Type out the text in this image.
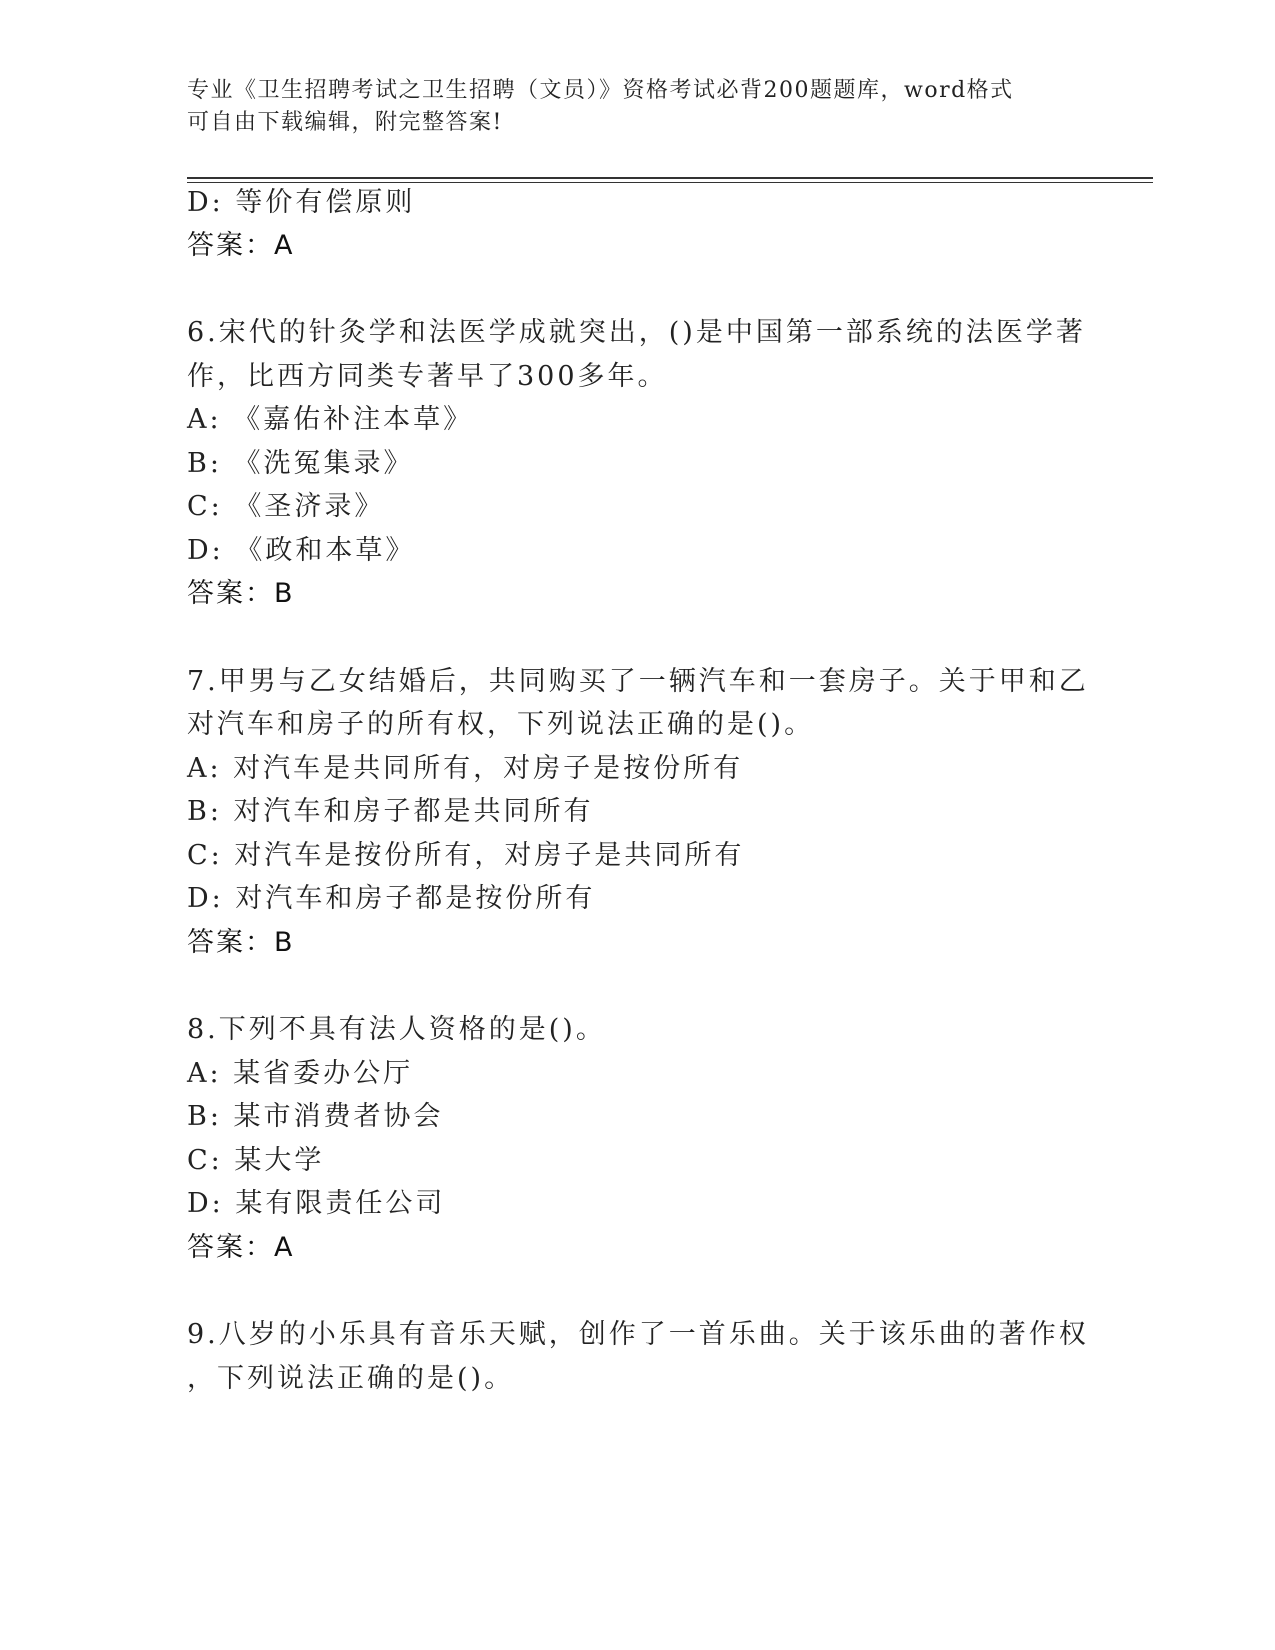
专业《卫生招聘考试之卫生招聘（文员）》资格考试必背200题题库，word格式
可自由下载编辑，附完整答案!
D: 等价有偿原则
答案：A
6.宋代的针灸学和法医学成就突出，()是中国第一部系统的法医学著
作，比西方同类专著早了300多年。
A: 《嘉佑补注本草》
B: 《洗冤集录》
C: 《圣济录》
D: 《政和本草》
答案：B
7.甲男与乙女结婚后，共同购买了一辆汽车和一套房子。关于甲和乙
对汽车和房子的所有权，下列说法正确的是()。
A: 对汽车是共同所有，对房子是按份所有
B: 对汽车和房子都是共同所有
C: 对汽车是按份所有，对房子是共同所有
D: 对汽车和房子都是按份所有
答案：B
8.下列不具有法人资格的是()。
A: 某省委办公厅
B: 某市消费者协会
C: 某大学
D: 某有限责任公司
答案：A
9.八岁的小乐具有音乐天赋，创作了一首乐曲。关于该乐曲的著作权
，下列说法正确的是()。
